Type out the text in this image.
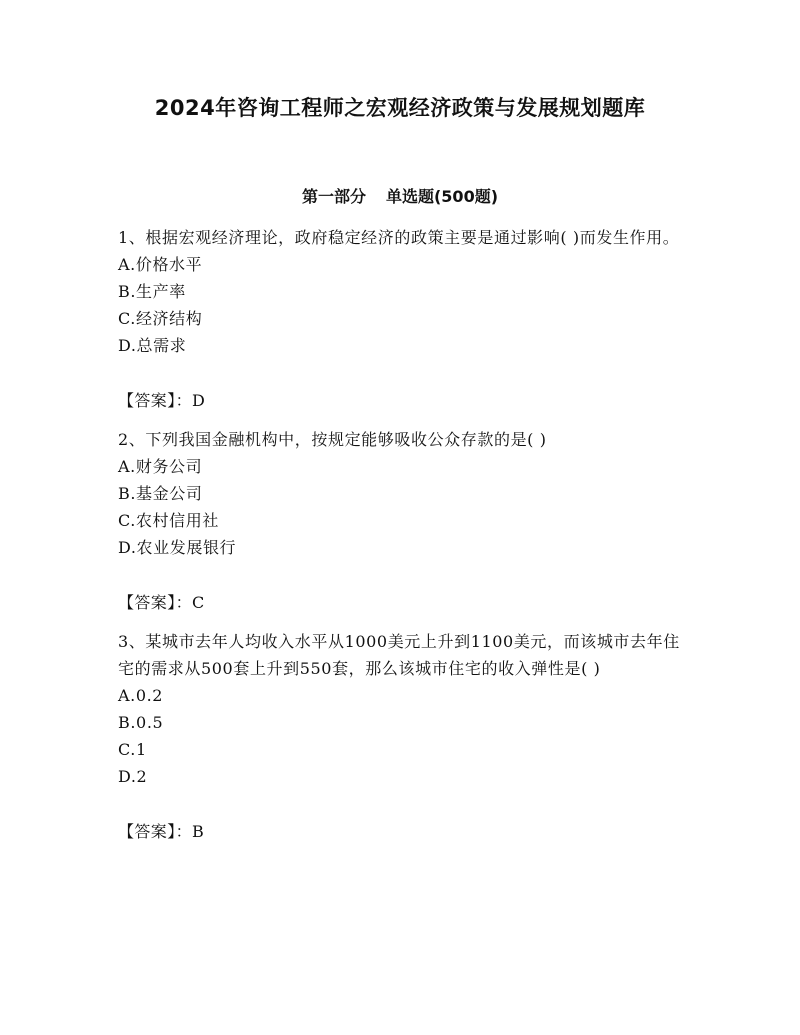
2024年咨询工程师之宏观经济政策与发展规划题库
第一部分 单选题(500题)
1、根据宏观经济理论，政府稳定经济的政策主要是通过影响( )而发生作用。
A.价格水平
B.生产率
C.经济结构
D.总需求
【答案】：D
2、下列我国金融机构中，按规定能够吸收公众存款的是( )
A.财务公司
B.基金公司
C.农村信用社
D.农业发展银行
【答案】：C
3、某城市去年人均收入水平从1000美元上升到1100美元，而该城市去年住宅的需求从500套上升到550套，那么该城市住宅的收入弹性是( )
A.0.2
B.0.5
C.1
D.2
【答案】：B
